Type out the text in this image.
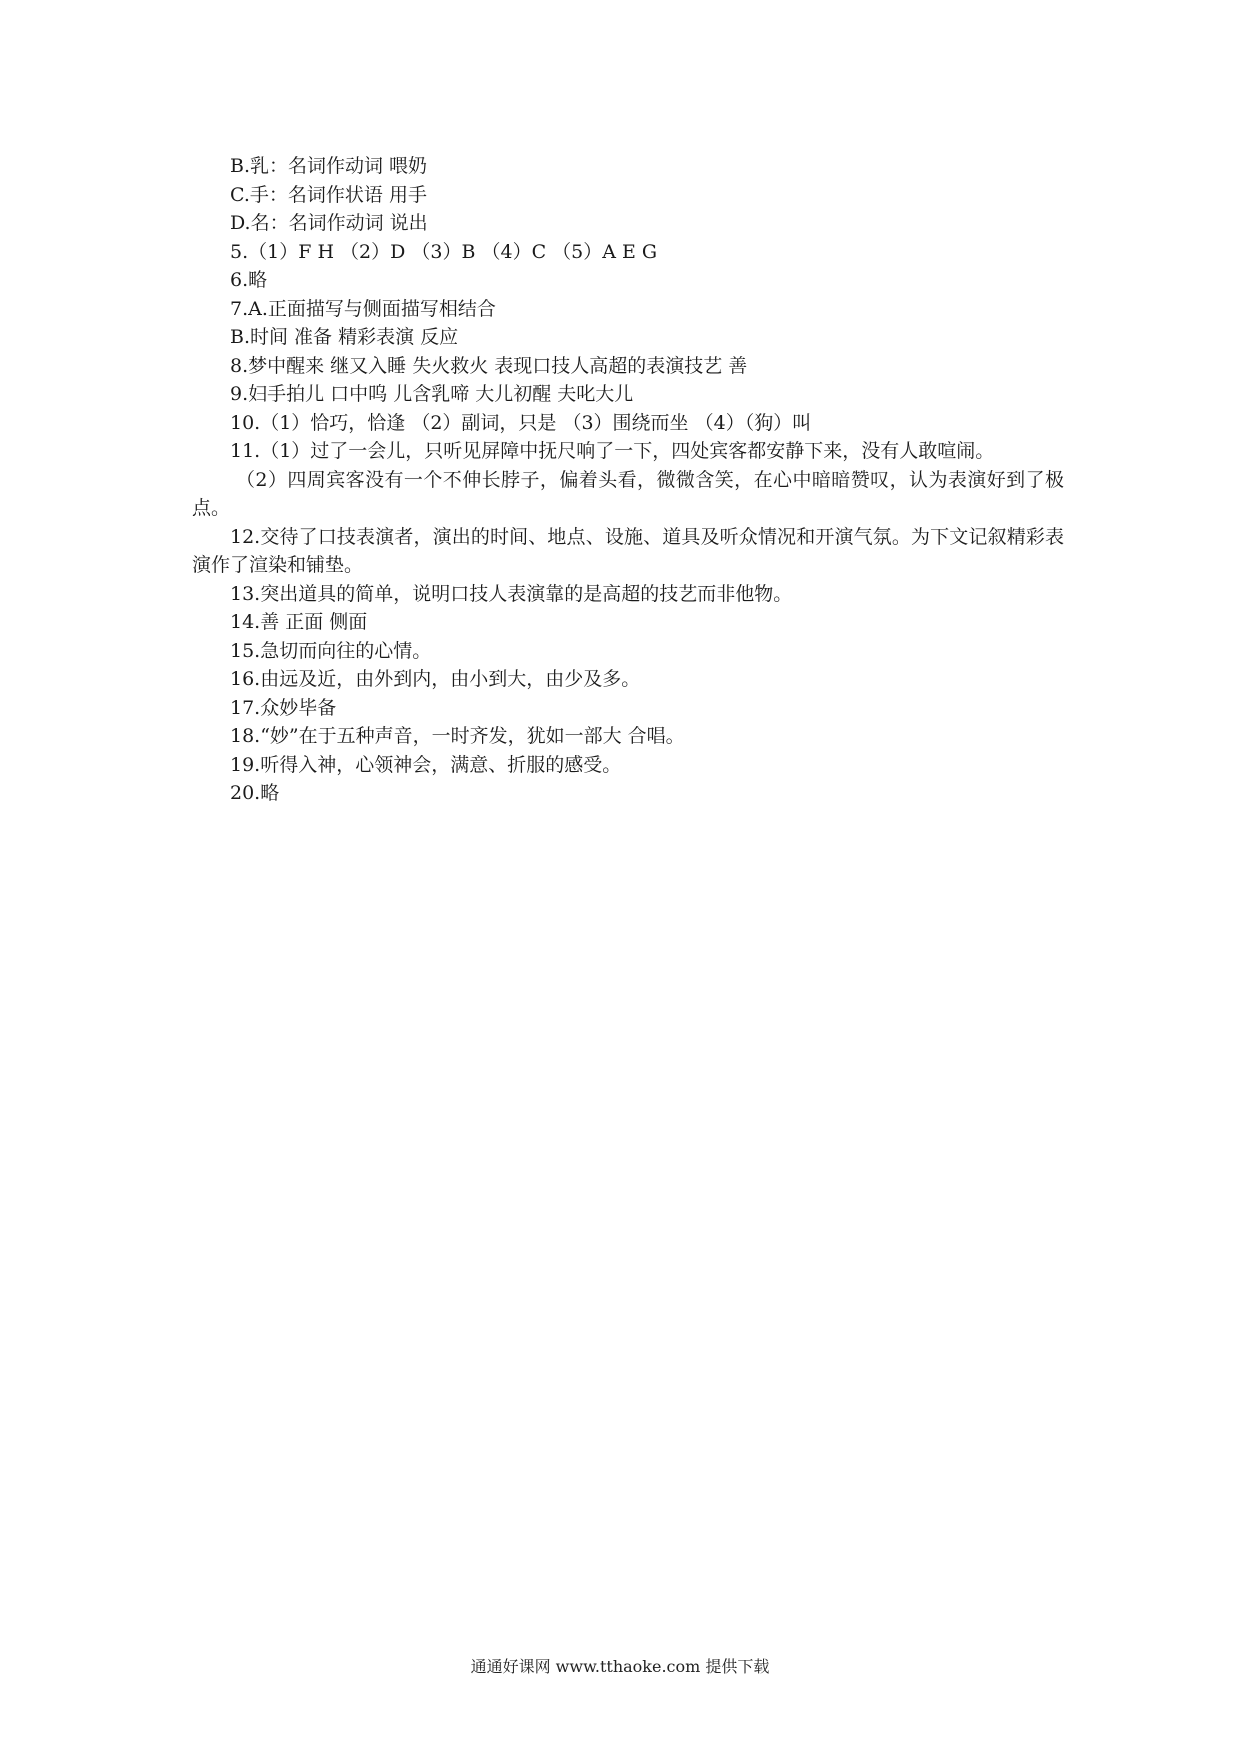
B.乳：名词作动词 喂奶

C.手：名词作状语 用手

D.名：名词作动词 说出

5.（1）F H （2）D （3）B （4）C （5）A E G

6.略

7.A.正面描写与侧面描写相结合

B.时间 准备 精彩表演 反应

8.梦中醒来 继又入睡 失火救火 表现口技人高超的表演技艺 善

9.妇手拍儿 口中呜 儿含乳啼 大儿初醒 夫叱大儿

10.（1）恰巧，恰逢 （2）副词，只是 （3）围绕而坐 （4）（狗）叫

11.（1）过了一会儿，只听见屏障中抚尺响了一下，四处宾客都安静下来，没有人敢喧闹。

（2）四周宾客没有一个不伸长脖子，偏着头看，微微含笑，在心中暗暗赞叹，认为表演好到了极点。

12.交待了口技表演者，演出的时间、地点、设施、道具及听众情况和开演气氛。为下文记叙精彩表演作了渲染和铺垫。

13.突出道具的简单，说明口技人表演靠的是高超的技艺而非他物。

14.善 正面 侧面

15.急切而向往的心情。

16.由远及近，由外到内，由小到大，由少及多。

17.众妙毕备

18.“妙”在于五种声音，一时齐发，犹如一部大 合唱。

19.听得入神，心领神会，满意、折服的感受。

20.略

通通好课网 www.tthaoke.com 提供下载
